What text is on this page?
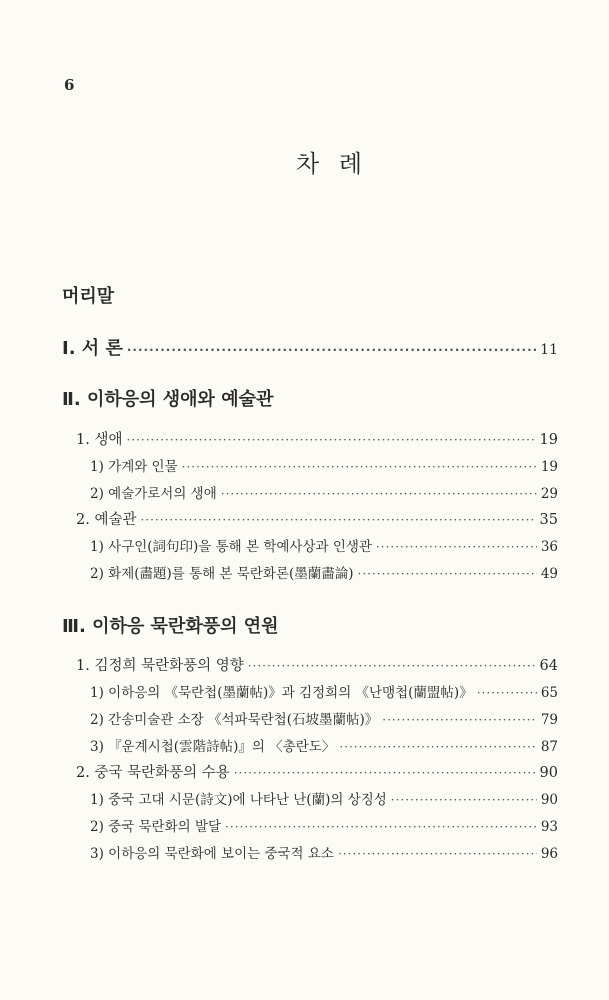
6
차 례
머리말
Ⅰ. 서 론 ·····	11
Ⅱ. 이하응의 생애와 예술관
1. 생애 ·····	19
1) 가계와 인물 ·····	19
2) 예술가로서의 생애 ·····	29
2. 예술관 ·····	35
1) 사구인(詞句印)을 통해 본 학예사상과 인생관 ·····	36
2) 화제(畵題)를 통해 본 묵란화론(墨蘭畵論) ·····	49
Ⅲ. 이하응 묵란화풍의 연원
1. 김정희 묵란화풍의 영향 ·····	64
1) 이하응의 《묵란첩(墨蘭帖)》과 김정희의 《난맹첩(蘭盟帖)》 ·····	65
2) 간송미술관 소장 《석파묵란첩(石坡墨蘭帖)》 ·····	79
3) 『운계시첩(雲階詩帖)』의 〈총란도〉 ·····	87
2. 중국 묵란화풍의 수용 ·····	90
1) 중국 고대 시문(詩文)에 나타난 난(蘭)의 상징성 ·····	90
2) 중국 묵란화의 발달 ·····	93
3) 이하응의 묵란화에 보이는 중국적 요소 ·····	96
